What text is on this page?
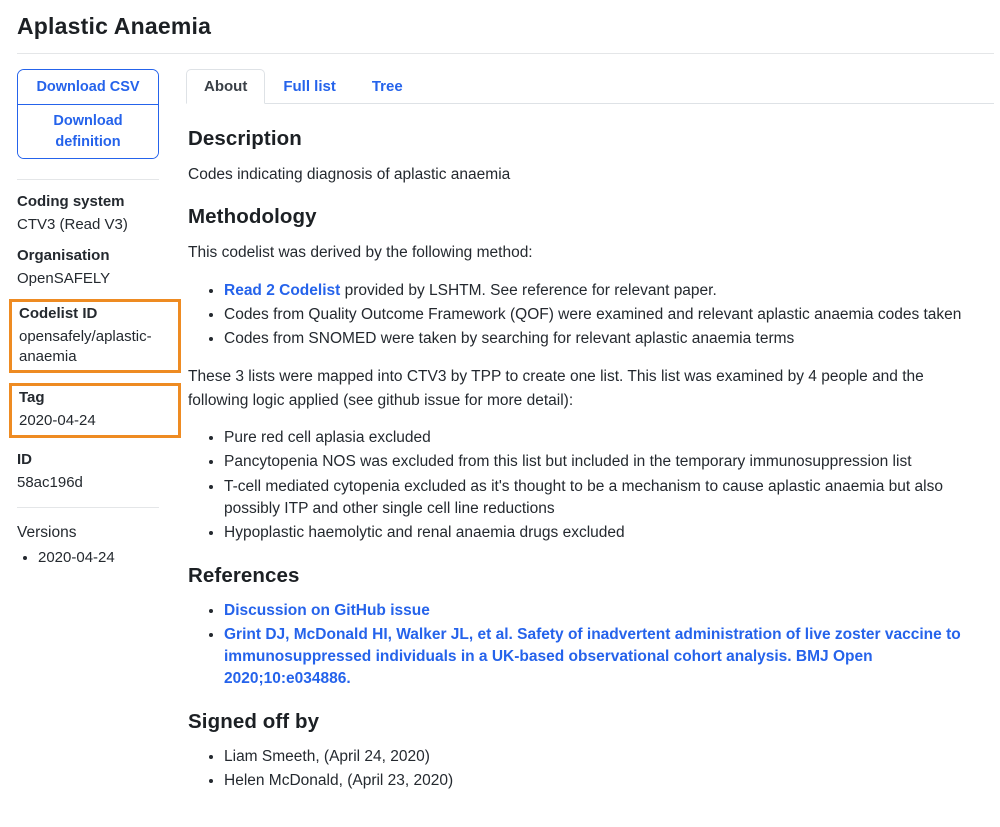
Aplastic Anaemia
Download CSV
Download definition
Coding system
CTV3 (Read V3)
Organisation
OpenSAFELY
Codelist ID
opensafely/aplastic-anaemia
Tag
2020-04-24
ID
58ac196d
Versions
• 2020-04-24
About	Full list	Tree
Description

Codes indicating diagnosis of aplastic anaemia

Methodology

This codelist was derived by the following method:

• Read 2 Codelist provided by LSHTM. See reference for relevant paper.
• Codes from Quality Outcome Framework (QOF) were examined and relevant aplastic anaemia codes taken
• Codes from SNOMED were taken by searching for relevant aplastic anaemia terms

These 3 lists were mapped into CTV3 by TPP to create one list. This list was examined by 4 people and the following logic applied (see github issue for more detail):

• Pure red cell aplasia excluded
• Pancytopenia NOS was excluded from this list but included in the temporary immunosuppression list
• T-cell mediated cytopenia excluded as it's thought to be a mechanism to cause aplastic anaemia but also possibly ITP and other single cell line reductions
• Hypoplastic haemolytic and renal anaemia drugs excluded
References
• Discussion on GitHub issue
• Grint DJ, McDonald HI, Walker JL, et al. Safety of inadvertent administration of live zoster vaccine to immunosuppressed individuals in a UK-based observational cohort analysis. BMJ Open 2020;10:e034886.
Signed off by
• Liam Smeeth, (April 24, 2020)
• Helen McDonald, (April 23, 2020)
